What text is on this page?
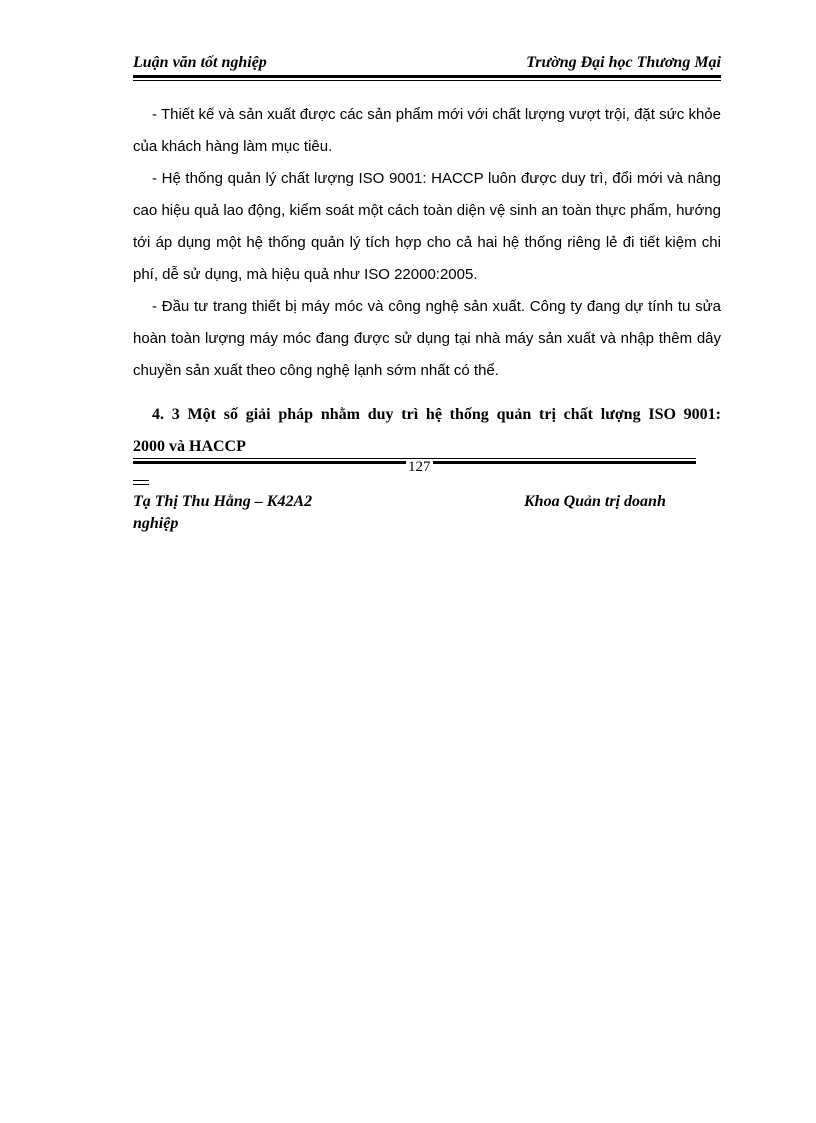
Luận văn tốt nghiệp	Trường Đại học Thương Mại

- Thiết kế và sản xuất được các sản phẩm mới với chất lượng vượt trội, đặt sức khỏe của khách hàng làm mục tiêu.

- Hệ thống quản lý chất lượng ISO 9001: HACCP luôn được duy trì, đổi mới và nâng cao hiệu quả lao động, kiểm soát một cách toàn diện vệ sinh an toàn thực phẩm, hướng tới áp dụng một hệ thống quản lý tích hợp cho cả hai hệ thống riêng lẻ đi tiết kiệm chi phí, dễ sử dụng, mà hiệu quả như ISO 22000:2005.

- Đầu tư trang thiết bị máy móc và công nghệ sản xuất. Công ty đang dự tính tu sửa hoàn toàn lượng máy móc đang được sử dụng tại nhà máy sản xuất và nhập thêm dây chuyền sản xuất theo công nghệ lạnh sớm nhất có thể.

4. 3 Một số giải pháp nhằm duy trì hệ thống quản trị chất lượng ISO 9001:
2000 và HACCP
127
Tạ Thị Thu Hằng – K42A2	Khoa Quản trị doanh
nghiệp
